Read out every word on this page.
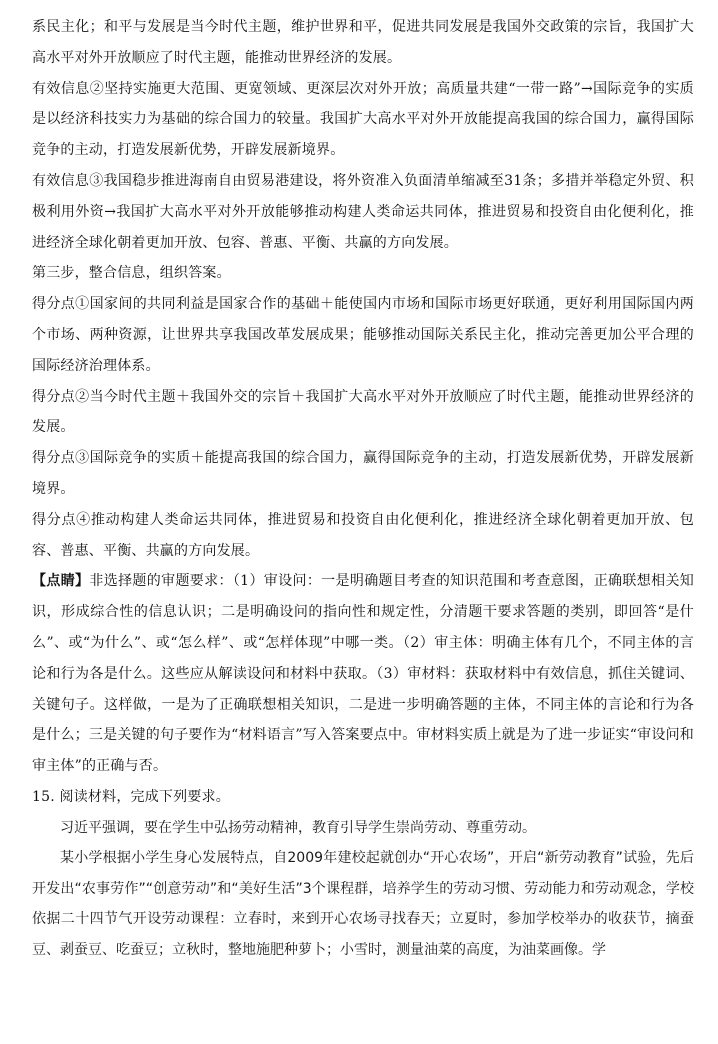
系民主化；和平与发展是当今时代主题，维护世界和平，促进共同发展是我国外交政策的宗旨，我国扩大高水平对外开放顺应了时代主题，能推动世界经济的发展。

有效信息②坚持实施更大范围、更宽领域、更深层次对外开放；高质量共建“一带一路”→国际竞争的实质是以经济科技实力为基础的综合国力的较量。我国扩大高水平对外开放能提高我国的综合国力，赢得国际竞争的主动，打造发展新优势，开辟发展新境界。

有效信息③我国稳步推进海南自由贸易港建设，将外资准入负面清单缩减至31条；多措并举稳定外贸、积极利用外资→我国扩大高水平对外开放能够推动构建人类命运共同体，推进贸易和投资自由化便利化，推进经济全球化朝着更加开放、包容、普惠、平衡、共赢的方向发展。

第三步，整合信息，组织答案。

得分点①国家间的共同利益是国家合作的基础＋能使国内市场和国际市场更好联通，更好利用国际国内两个市场、两种资源，让世界共享我国改革发展成果；能够推动国际关系民主化，推动完善更加公平合理的国际经济治理体系。

得分点②当今时代主题＋我国外交的宗旨＋我国扩大高水平对外开放顺应了时代主题，能推动世界经济的发展。

得分点③国际竞争的实质＋能提高我国的综合国力，赢得国际竞争的主动，打造发展新优势，开辟发展新境界。

得分点④推动构建人类命运共同体，推进贸易和投资自由化便利化，推进经济全球化朝着更加开放、包容、普惠、平衡、共赢的方向发展。

【点睛】非选择题的审题要求：（1）审设问：一是明确题目考查的知识范围和考查意图，正确联想相关知识，形成综合性的信息认识；二是明确设问的指向性和规定性，分清题干要求答题的类别，即回答“是什么”、或“为什么”、或“怎么样”、或“怎样体现”中哪一类。（2）审主体：明确主体有几个，不同主体的言论和行为各是什么。这些应从解读设问和材料中获取。（3）审材料：获取材料中有效信息，抓住关键词、关键句子。这样做，一是为了正确联想相关知识，二是进一步明确答题的主体，不同主体的言论和行为各是什么；三是关键的句子要作为“材料语言”写入答案要点中。审材料实质上就是为了进一步证实“审设问和审主体”的正确与否。

15. 阅读材料，完成下列要求。

习近平强调，要在学生中弘扬劳动精神，教育引导学生崇尚劳动、尊重劳动。

某小学根据小学生身心发展特点，自2009年建校起就创办“开心农场”，开启“新劳动教育”试验，先后开发出“农事劳作”“创意劳动”和“美好生活”3个课程群，培养学生的劳动习惯、劳动能力和劳动观念，学校依据二十四节气开设劳动课程：立春时，来到开心农场寻找春天；立夏时，参加学校举办的收获节，摘蚕豆、剥蚕豆、吃蚕豆；立秋时，整地施肥种萝卜；小雪时，测量油菜的高度，为油菜画像。学
